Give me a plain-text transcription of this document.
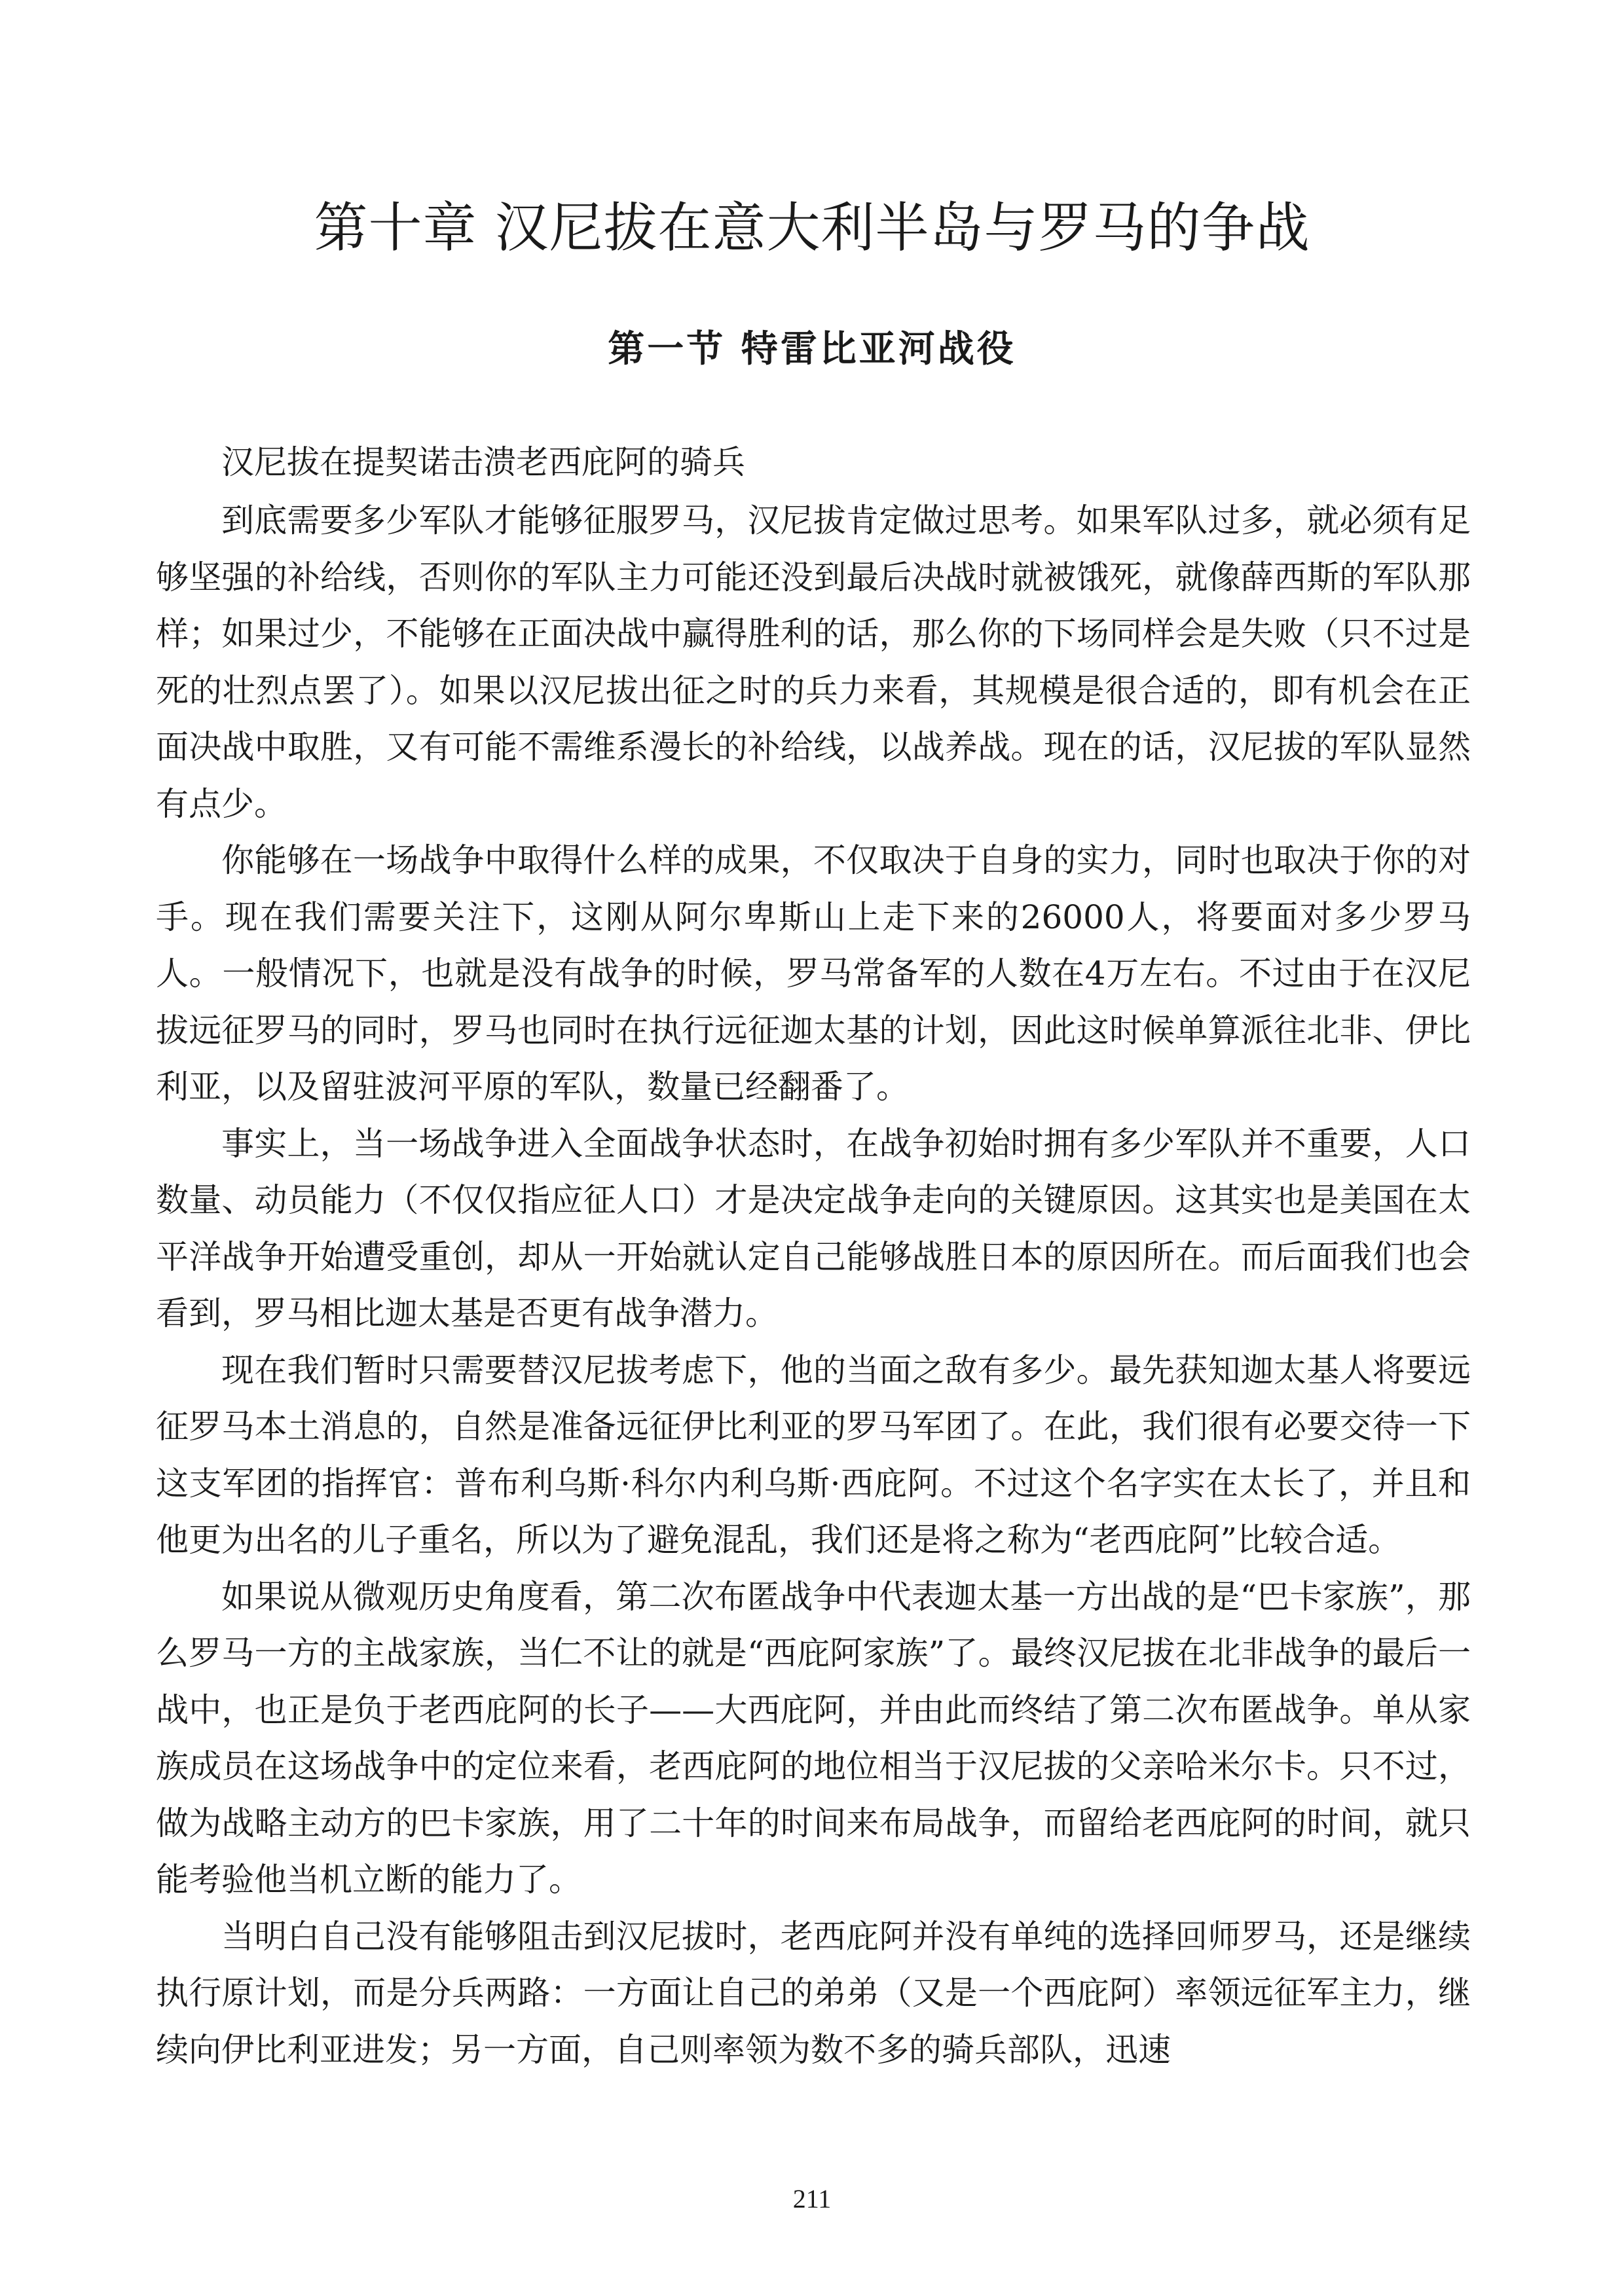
第十章 汉尼拔在意大利半岛与罗马的争战
第一节 特雷比亚河战役
汉尼拔在提契诺击溃老西庇阿的骑兵

到底需要多少军队才能够征服罗马，汉尼拔肯定做过思考。如果军队过多，就必须有足够坚强的补给线，否则你的军队主力可能还没到最后决战时就被饿死，就像薛西斯的军队那样；如果过少，不能够在正面决战中赢得胜利的话，那么你的下场同样会是失败（只不过是死的壮烈点罢了）。如果以汉尼拔出征之时的兵力来看，其规模是很合适的，即有机会在正面决战中取胜，又有可能不需维系漫长的补给线，以战养战。现在的话，汉尼拔的军队显然有点少。

你能够在一场战争中取得什么样的成果，不仅取决于自身的实力，同时也取决于你的对手。现在我们需要关注下，这刚从阿尔卑斯山上走下来的26000人，将要面对多少罗马人。一般情况下，也就是没有战争的时候，罗马常备军的人数在4万左右。不过由于在汉尼拔远征罗马的同时，罗马也同时在执行远征迦太基的计划，因此这时候单算派往北非、伊比利亚，以及留驻波河平原的军队，数量已经翻番了。

事实上，当一场战争进入全面战争状态时，在战争初始时拥有多少军队并不重要，人口数量、动员能力（不仅仅指应征人口）才是决定战争走向的关键原因。这其实也是美国在太平洋战争开始遭受重创，却从一开始就认定自己能够战胜日本的原因所在。而后面我们也会看到，罗马相比迦太基是否更有战争潜力。

现在我们暂时只需要替汉尼拔考虑下，他的当面之敌有多少。最先获知迦太基人将要远征罗马本土消息的，自然是准备远征伊比利亚的罗马军团了。在此，我们很有必要交待一下这支军团的指挥官：普布利乌斯·科尔内利乌斯·西庇阿。不过这个名字实在太长了，并且和他更为出名的儿子重名，所以为了避免混乱，我们还是将之称为“老西庇阿”比较合适。

如果说从微观历史角度看，第二次布匿战争中代表迦太基一方出战的是“巴卡家族”，那么罗马一方的主战家族，当仁不让的就是“西庇阿家族”了。最终汉尼拔在北非战争的最后一战中，也正是负于老西庇阿的长子——大西庇阿，并由此而终结了第二次布匿战争。单从家族成员在这场战争中的定位来看，老西庇阿的地位相当于汉尼拔的父亲哈米尔卡。只不过，做为战略主动方的巴卡家族，用了二十年的时间来布局战争，而留给老西庇阿的时间，就只能考验他当机立断的能力了。

当明白自己没有能够阻击到汉尼拔时，老西庇阿并没有单纯的选择回师罗马，还是继续执行原计划，而是分兵两路：一方面让自己的弟弟（又是一个西庇阿）率领远征军主力，继续向伊比利亚进发；另一方面，自己则率领为数不多的骑兵部队，迅速

211
